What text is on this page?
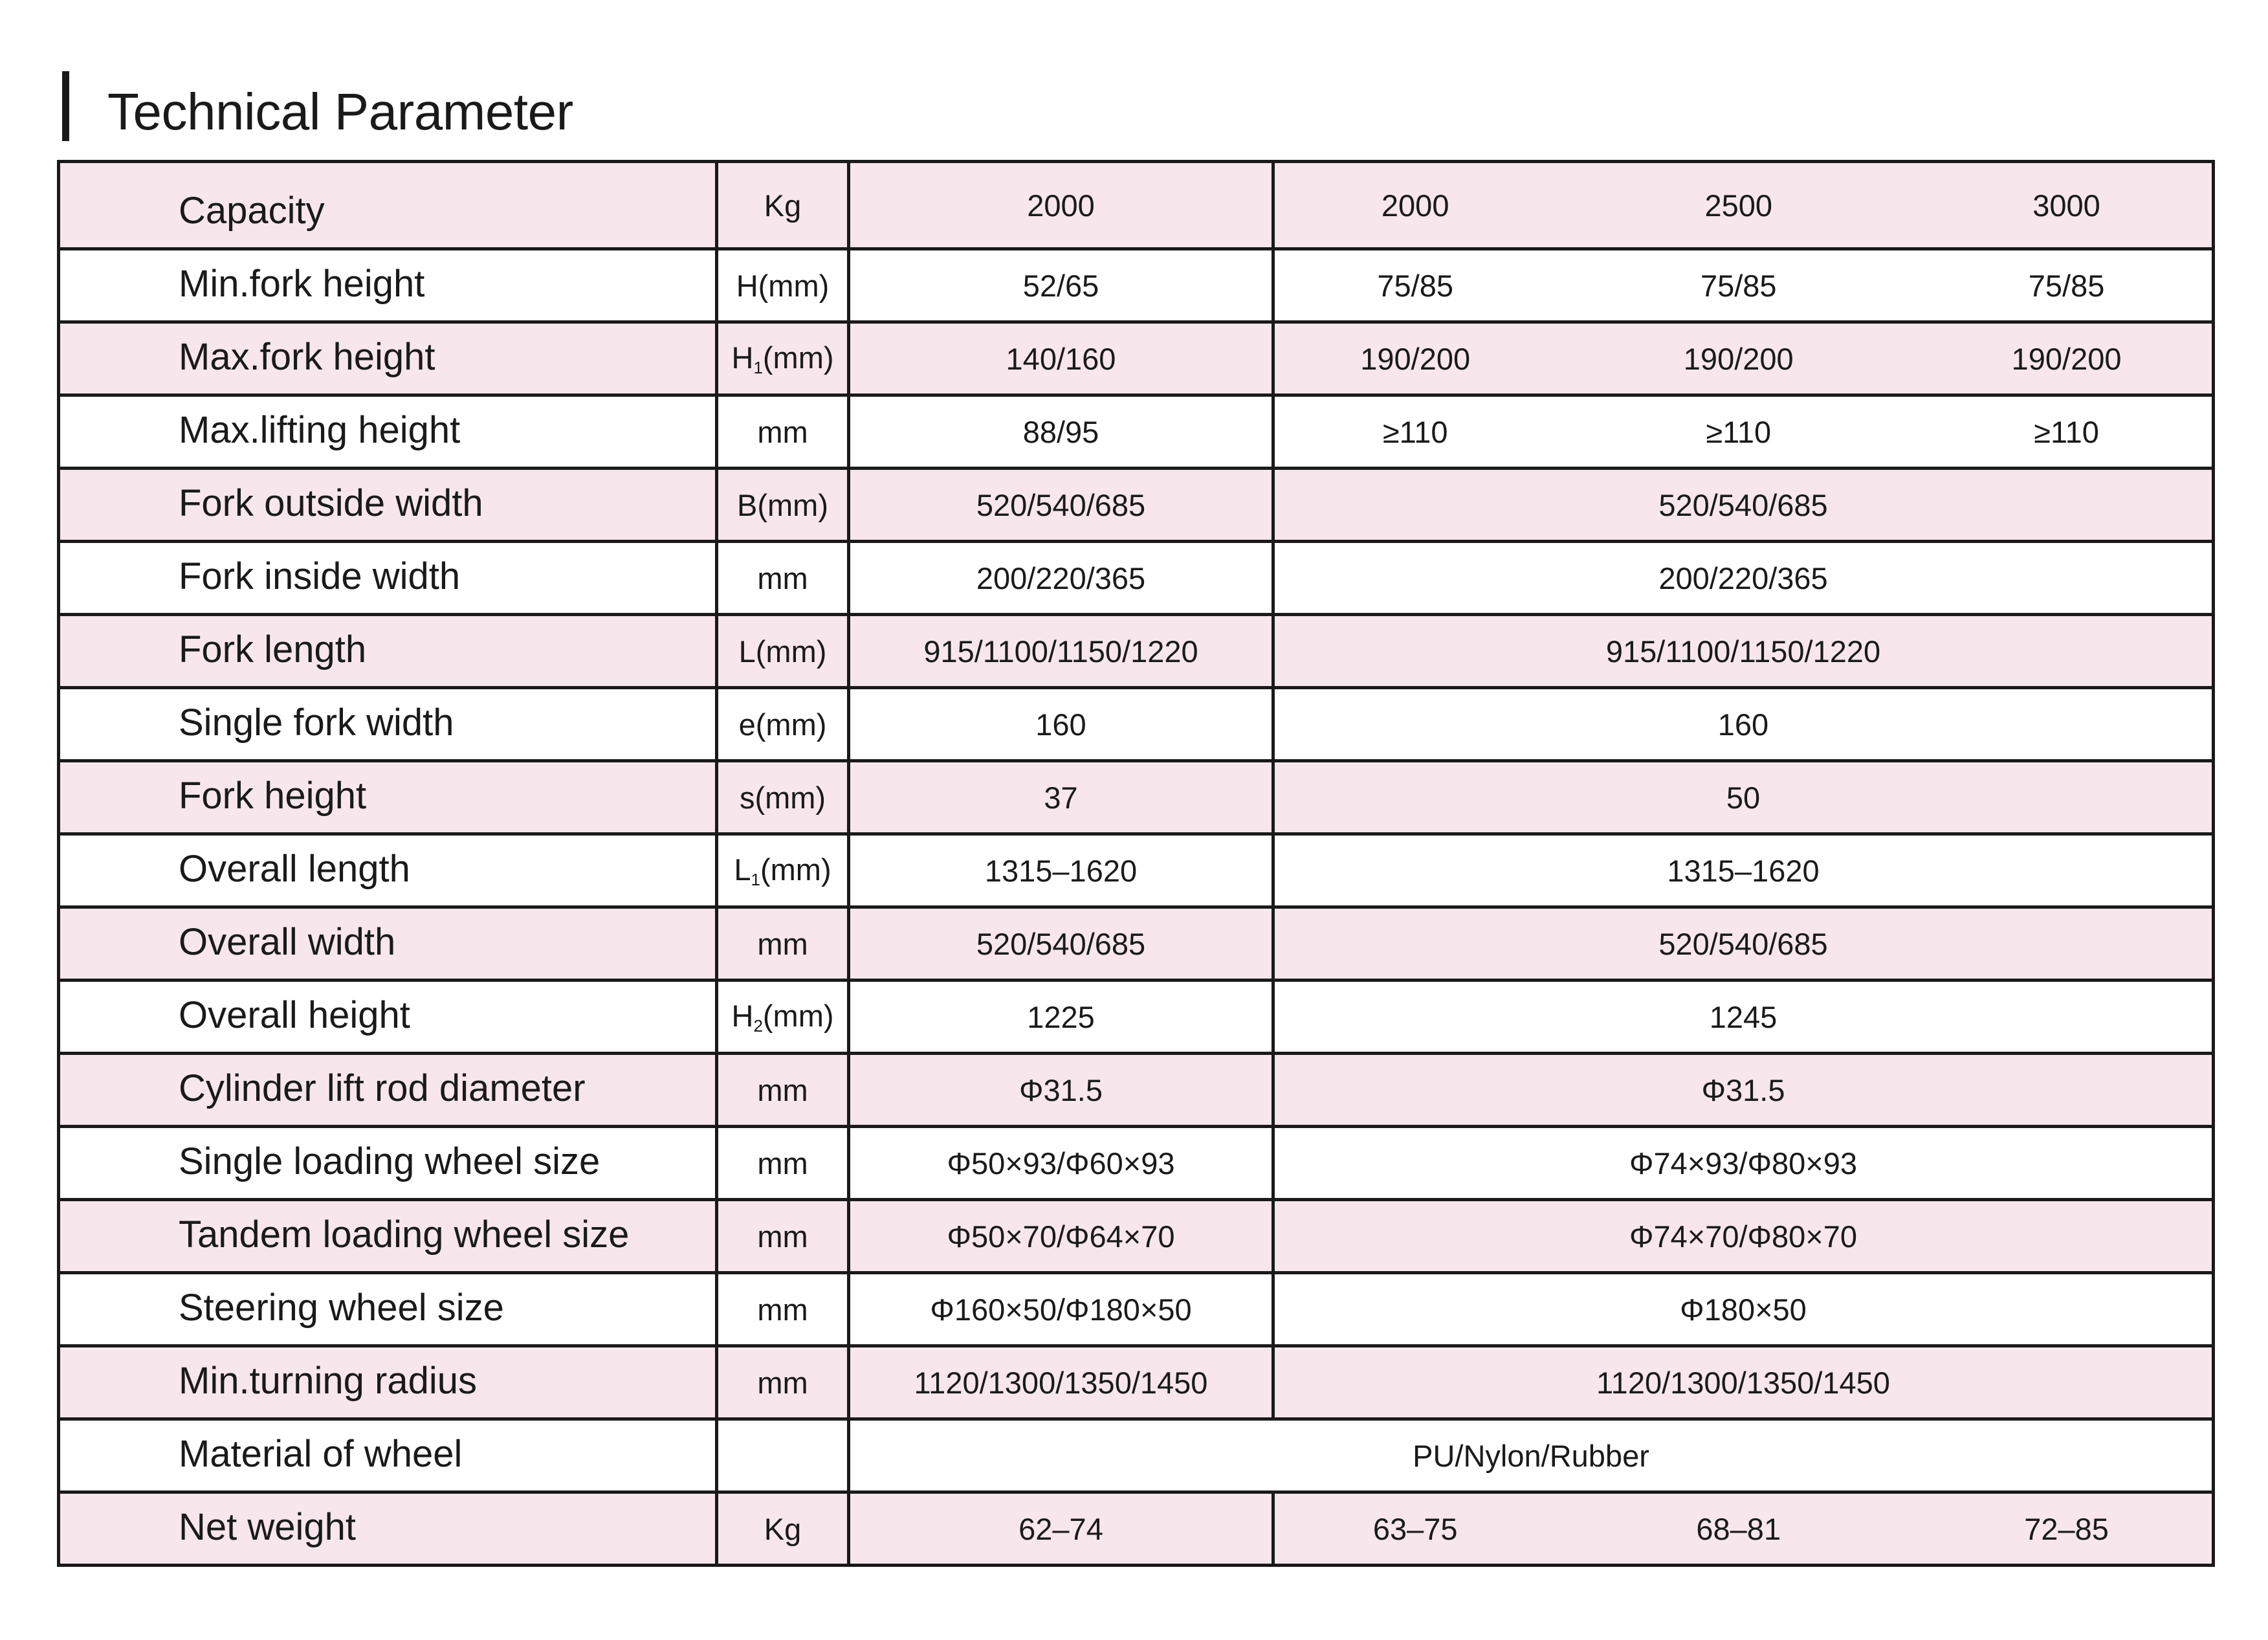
Technical Parameter
Capacity	Kg	2000	2000 2500 3000

Min.fork height	H(mm)	52/65	75/85 75/85 75/85

Max.fork height	$H_1(mm)$	140/160	190/200 190/200 190/200

Max.lifting height	mm	88/95	≥110 ≥110 ≥110

Fork outside width	B(mm)	520/540/685	520/540/685
Fork inside width	mm	200/220/365	200/220/365
Fork length	L(mm)	915/1100/1150/1220	915/1100/1150/1220
Single fork width	e(mm)	160	160
Fork height	s(mm)	37	50
Overall length	$L_1(mm)$	1315–1620	1315–1620
Overall width	mm	520/540/685	520/540/685
Overall height	$H_2(mm)$	1225	1245
Cylinder lift rod diameter	mm	Φ31.5	Φ31.5
Single loading wheel size	mm	Φ50×93/Φ60×93	Φ74×93/Φ80×93
Tandem loading wheel size	mm	Φ50×70/Φ64×70	Φ74×70/Φ80×70
Steering wheel size	mm	Φ160×50/Φ180×50	Φ180×50
Min.turning radius	mm	1120/1300/1350/1450	1120/1300/1350/1450
Material of wheel		PU/Nylon/Rubber	
Net weight	Kg	62–74	63–75 68–81 72–85
